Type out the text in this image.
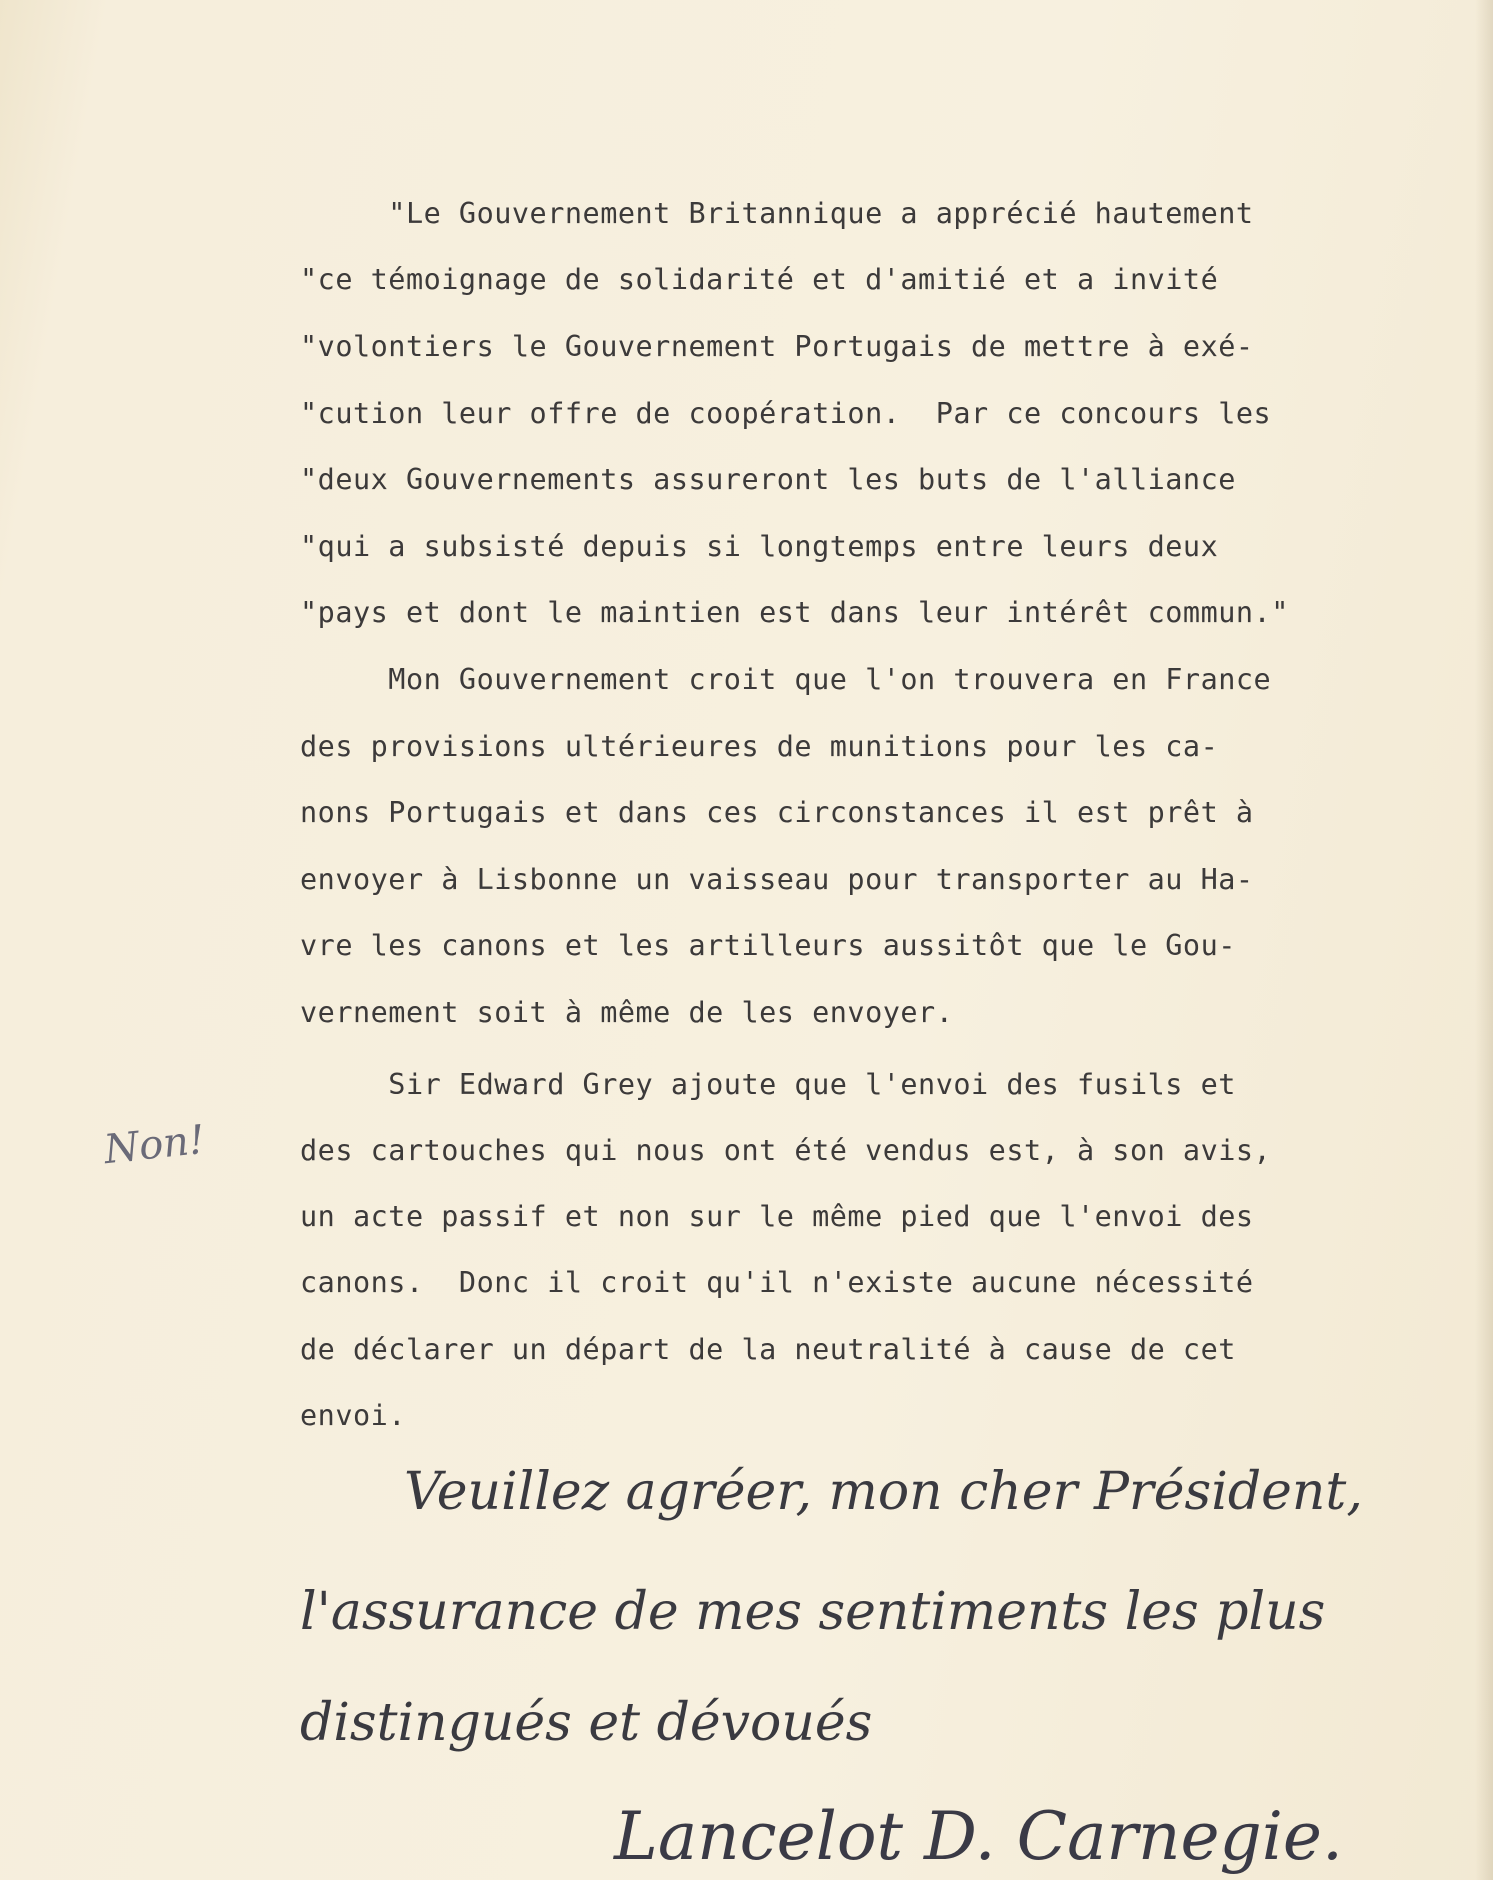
"Le Gouvernement Britannique a apprécié hautement
"ce témoignage de solidarité et d'amitié et a invité
"volontiers le Gouvernement Portugais de mettre à exé-
"cution leur offre de coopération.  Par ce concours les
"deux Gouvernements assureront les buts de l'alliance
"qui a subsisté depuis si longtemps entre leurs deux
"pays et dont le maintien est dans leur intérêt commun."
Mon Gouvernement croit que l'on trouvera en France
des provisions ultérieures de munitions pour les ca-
nons Portugais et dans ces circonstances il est prêt à
envoyer à Lisbonne un vaisseau pour transporter au Ha-
vre les canons et les artilleurs aussitôt que le Gou-
vernement soit à même de les envoyer.
Sir Edward Grey ajoute que l'envoi des fusils et
des cartouches qui nous ont été vendus est, à son avis,
un acte passif et non sur le même pied que l'envoi des
canons.  Donc il croit qu'il n'existe aucune nécessité
de déclarer un départ de la neutralité à cause de cet
envoi.
Non!
Veuillez agréer, mon cher Président,
l'assurance de mes sentiments les plus
distingués et dévoués
Lancelot D. Carnegie.
